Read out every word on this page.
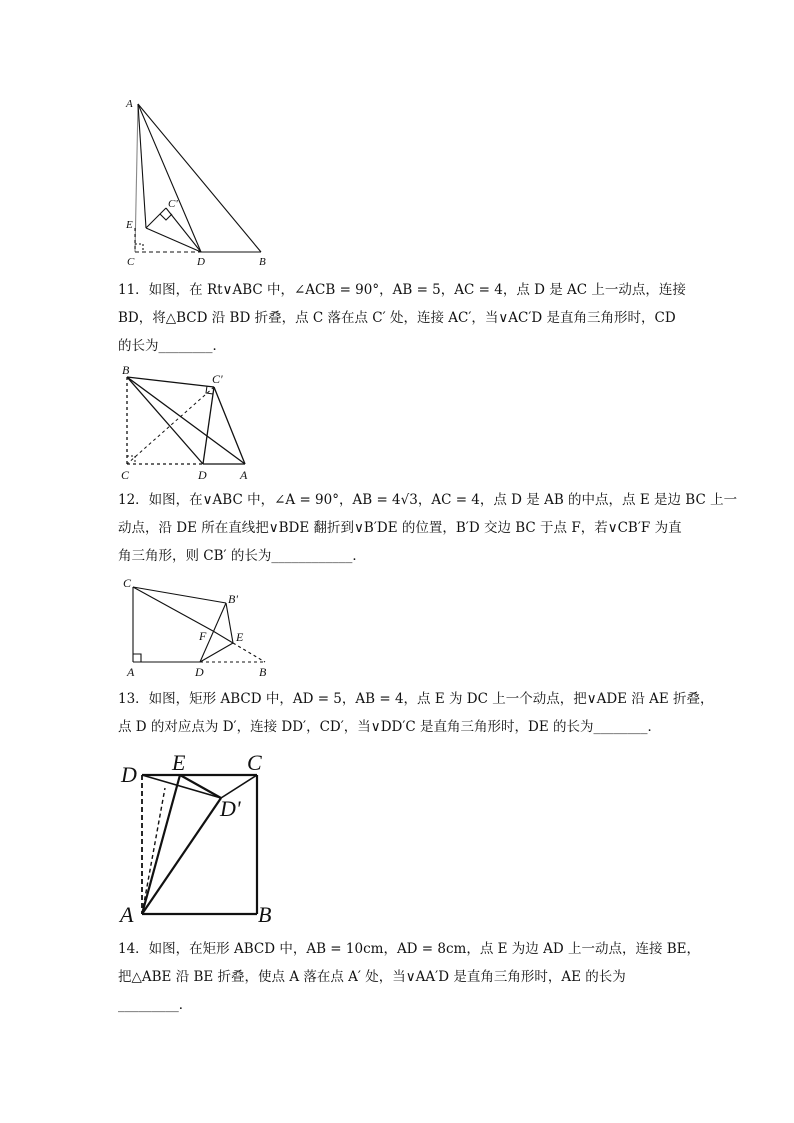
A
C'
E
C	D	B

11．如图，在 Rt∨ABC 中，∠ACB = 90°，AB = 5，AC = 4，点 D 是 AC 上一动点，连接

BD，将△BCD 沿 BD 折叠，点 C 落在点 C′ 处，连接 AC′，当∨AC′D 是直角三角形时，CD

的长为________．

B
C'
C	D	A

12．如图，在∨ABC 中，∠A = 90°，AB = 4√3，AC = 4，点 D 是 AB 的中点，点 E 是边 BC 上一

动点，沿 DE 所在直线把∨BDE 翻折到∨B′DE 的位置，B′D 交边 BC 于点 F，若∨CB′F 为直

角三角形，则 CB′ 的长为____________．

C
B'
F E
A	D	B

13．如图，矩形 ABCD 中，AD = 5，AB = 4，点 E 为 DC 上一个动点，把∨ADE 沿 AE 折叠，

点 D 的对应点为 D′，连接 DD′，CD′，当∨DD′C 是直角三角形时，DE 的长为________．

D E	C
D'
A	B

14．如图，在矩形 ABCD 中，AB = 10cm，AD = 8cm，点 E 为边 AD 上一动点，连接 BE，

把△ABE 沿 BE 折叠，使点 A 落在点 A′ 处，当∨AA′D 是直角三角形时，AE 的长为

_________．
